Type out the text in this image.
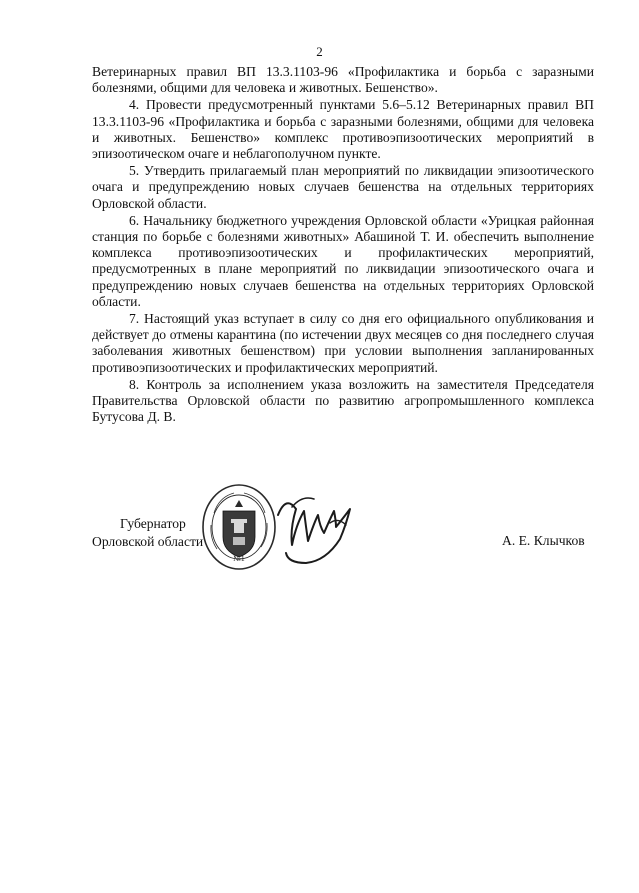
2

Ветеринарных правил ВП 13.3.1103-96 «Профилактика и борьба с заразными болезнями, общими для человека и животных. Бешенство».

4. Провести предусмотренный пунктами 5.6–5.12 Ветеринарных правил ВП 13.3.1103-96 «Профилактика и борьба с заразными болезнями, общими для человека и животных. Бешенство» комплекс противоэпизоотических мероприятий в эпизоотическом очаге и неблагополучном пункте.

5. Утвердить прилагаемый план мероприятий по ликвидации эпизоотического очага и предупреждению новых случаев бешенства на отдельных территориях Орловской области.

6. Начальнику бюджетного учреждения Орловской области «Урицкая районная станция по борьбе с болезнями животных» Абашиной Т. И. обеспечить выполнение комплекса противоэпизоотических и профилактических мероприятий, предусмотренных в плане мероприятий по ликвидации эпизоотического очага и предупреждению новых случаев бешенства на отдельных территориях Орловской области.

7. Настоящий указ вступает в силу со дня его официального опубликования и действует до отмены карантина (по истечении двух месяцев со дня последнего случая заболевания животных бешенством) при условии выполнения запланированных противоэпизоотических и профилактических мероприятий.

8. Контроль за исполнением указа возложить на заместителя Председателя Правительства Орловской области по развитию агропромышленного комплекса Бутусова Д. В.

Губернатор
Орловской области
№1
А. Е. Клычков
